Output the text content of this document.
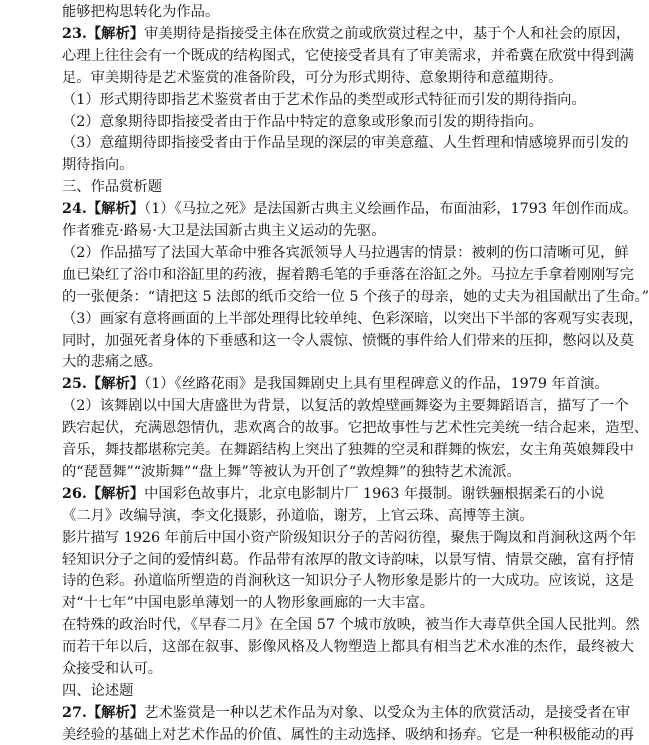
能够把构思转化为作品。
23.【解析】审美期待是指接受主体在欣赏之前或欣赏过程之中，基于个人和社会的原因，
心理上往往会有一个既成的结构图式，它使接受者具有了审美需求，并希冀在欣赏中得到满
足。审美期待是艺术鉴赏的准备阶段，可分为形式期待、意象期待和意蕴期待。
（1）形式期待即指艺术鉴赏者由于艺术作品的类型或形式特征而引发的期待指向。
（2）意象期待即指接受者由于作品中特定的意象或形象而引发的期待指向。
（3）意蕴期待即指接受者由于作品呈现的深层的审美意蕴、人生哲理和情感境界而引发的
期待指向。
三、作品赏析题
24.【解析】（1）《马拉之死》是法国新古典主义绘画作品，布面油彩，1793 年创作而成。
作者雅克·路易·大卫是法国新古典主义运动的先驱。
（2）作品描写了法国大革命中雅各宾派领导人马拉遇害的情景：被刺的伤口清晰可见，鲜
血已染红了浴巾和浴缸里的药液，握着鹅毛笔的手垂落在浴缸之外。马拉左手拿着刚刚写完
的一张便条：“请把这 5 法郎的纸币交给一位 5 个孩子的母亲，她的丈夫为祖国献出了生命。”
（3）画家有意将画面的上半部处理得比较单纯、色彩深暗，以突出下半部的客观写实表现，
同时，加强死者身体的下垂感和这一令人震惊、愤慨的事件给人们带来的压抑，憋闷以及莫
大的悲痛之感。
25.【解析】（1）《丝路花雨》是我国舞剧史上具有里程碑意义的作品，1979 年首演。
（2）该舞剧以中国大唐盛世为背景，以复活的敦煌壁画舞姿为主要舞蹈语言，描写了一个
跌宕起伏，充满恩怨情仇，悲欢离合的故事。它把故事性与艺术性完美统一结合起来，造型、
音乐，舞技都堪称完美。在舞蹈结构上突出了独舞的空灵和群舞的恢宏，女主角英娘舞段中
的“琵琶舞”“波斯舞”“盘上舞”等被认为开创了“敦煌舞”的独特艺术流派。
26.【解析】中国彩色故事片，北京电影制片厂 1963 年摄制。谢铁骊根据柔石的小说《二月》改编导演，李文化摄影，孙道临，谢芳，上官云珠、高博等主演。
影片描写 1926 年前后中国小资产阶级知识分子的苦闷彷徨，聚焦于陶岚和肖涧秋这两个年
轻知识分子之间的爱情纠葛。作品带有浓厚的散文诗韵味，以景写情、情景交融，富有抒情
诗的色彩。孙道临所塑造的肖涧秋这一知识分子人物形象是影片的一大成功。应该说，这是
对“十七年”中国电影单薄划一的人物形象画廊的一大丰富。
在特殊的政治时代，《早春二月》在全国 57 个城市放映，被当作大毒草供全国人民批判。然
而若干年以后，这部在叙事、影像风格及人物塑造上都具有相当艺术水准的杰作，最终被大
众接受和认可。
四、论述题
27.【解析】艺术鉴赏是一种以艺术作品为对象、以受众为主体的欣赏活动，是接受者在审
美经验的基础上对艺术作品的价值、属性的主动选择、吸纳和扬弃。它是一种积极能动的再
